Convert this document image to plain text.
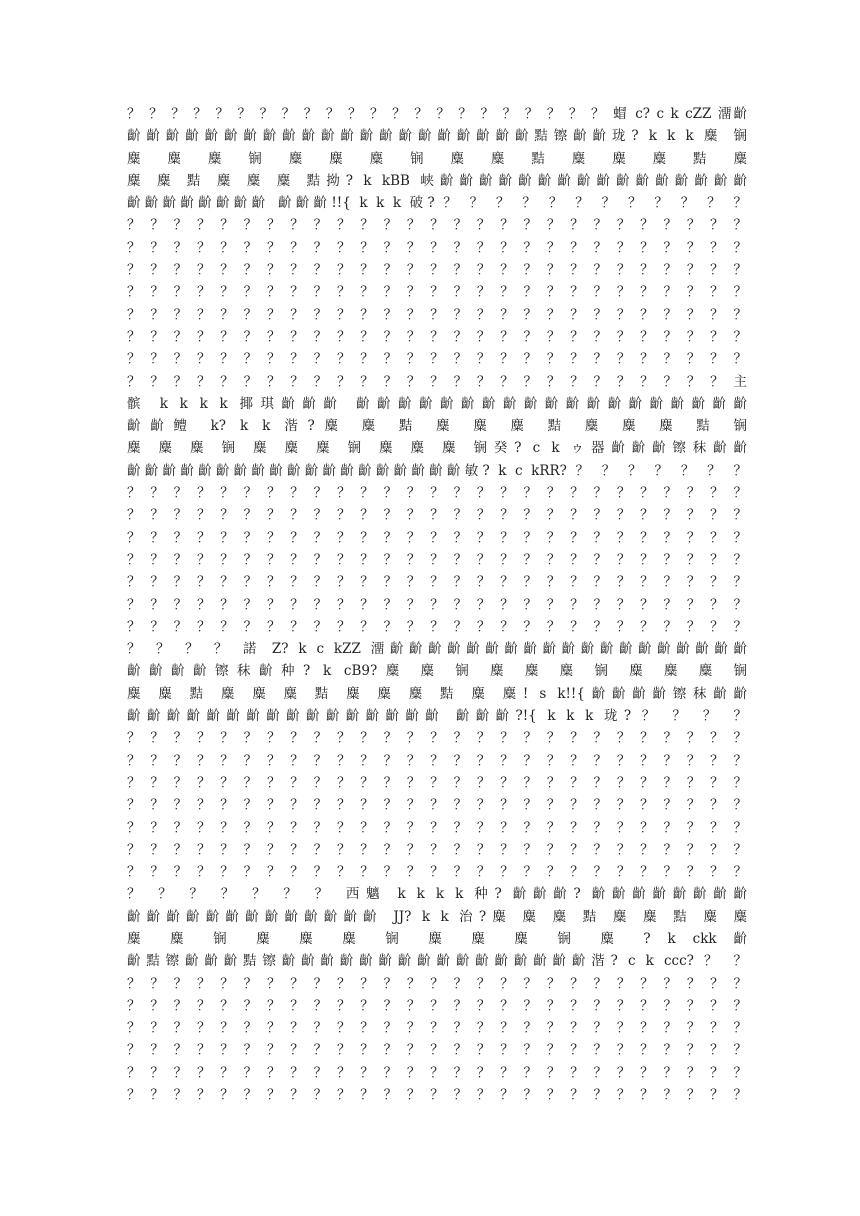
？ ？ ？ ？ ？ ？ ？ ？ ？ ？ ？ ？ ？ ？ ？ ？ ？ ？ ？ ？ ？ ？ 蝐 c? c k cZZ 澑齘
齘齘齘齘齘齘齘齘齘齘齘齘齘齘齘齘齘齘齘齘齘黠镲齘齘珑? k k k 麋 锎
麋 麋 麋 锎 麋 麋 麋 锎 麋 麋 黠 麋 麋 麋 黠 麋
麋 麋 黠 麋 麋 麋 黠拗? k kBB 峡齘齘齘齘齘齘齘齘齘齘齘齘齘齘齘齘
齘齘齘齘齘齘齘齘 齘齘齘!!{ k k k 破? ？ ？ ？ ？ ？ ？ ？ ？ ？ ？ ？ ？
？ ？ ？ ？ ？ ？ ？ ？ ？ ？ ？ ？ ？ ？ ？ ？ ？ ？ ？ ？ ？ ？ ？ ？ ？ ？ ？
？ ？ ？ ？ ？ ？ ？ ？ ？ ？ ？ ？ ？ ？ ？ ？ ？ ？ ？ ？ ？ ？ ？ ？ ？ ？ ？
？ ？ ？ ？ ？ ？ ？ ？ ？ ？ ？ ？ ？ ？ ？ ？ ？ ？ ？ ？ ？ ？ ？ ？ ？ ？ ？
？ ？ ？ ？ ？ ？ ？ ？ ？ ？ ？ ？ ？ ？ ？ ？ ？ ？ ？ ？ ？ ？ ？ ？ ？ ？ ？
？ ？ ？ ？ ？ ？ ？ ？ ？ ？ ？ ？ ？ ？ ？ ？ ？ ？ ？ ？ ？ ？ ？ ？ ？ ？ ？
？ ？ ？ ？ ？ ？ ？ ？ ？ ？ ？ ？ ？ ？ ？ ？ ？ ？ ？ ？ ？ ？ ？ ？ ？ ？ ？
？ ？ ？ ？ ？ ？ ？ ？ ？ ？ ？ ？ ？ ？ ？ ？ ？ ？ ？ ？ ？ ？ ？ ？ ？ ？ ？
？ ？ ？ ？ ？ ？ ？ ？ ？ ？ ？ ？ ？ ？ ？ ？ ？ ？ ？ ？ ？ ？ ？ ？ ？ ？ 主
髌 k k k k 揶琪齘齘齘 齘齘齘齘齘齘齘齘齘齘齘齘齘齘齘齘齘齘齘
齘齘鳢 k? k k 湝?麋 麋 黠 麋 麋 麋 黠 麋 麋 麋 黠 锎
麋 麋 麋 锎 麋 麋 麋 锎 麋 麋 麋 锎癸? c k ゥ器齘齘齘镲秣齘齘
齘齘齘齘齘齘齘齘齘齘齘齘齘齘齘齘齘齘齘敏? k c kRR? ？ ？ ？ ？ ？ ？ ？
？ ？ ？ ？ ？ ？ ？ ？ ？ ？ ？ ？ ？ ？ ？ ？ ？ ？ ？ ？ ？ ？ ？ ？ ？ ？ ？
？ ？ ？ ？ ？ ？ ？ ？ ？ ？ ？ ？ ？ ？ ？ ？ ？ ？ ？ ？ ？ ？ ？ ？ ？ ？ ？
？ ？ ？ ？ ？ ？ ？ ？ ？ ？ ？ ？ ？ ？ ？ ？ ？ ？ ？ ？ ？ ？ ？ ？ ？ ？ ？
？ ？ ？ ？ ？ ？ ？ ？ ？ ？ ？ ？ ？ ？ ？ ？ ？ ？ ？ ？ ？ ？ ？ ？ ？ ？ ？
？ ？ ？ ？ ？ ？ ？ ？ ？ ？ ？ ？ ？ ？ ？ ？ ？ ？ ？ ？ ？ ？ ？ ？ ？ ？ ？
？ ？ ？ ？ ？ ？ ？ ？ ？ ？ ？ ？ ？ ？ ？ ？ ？ ？ ？ ？ ？ ？ ？ ？ ？ ？ ？
？ ？ ？ ？ ？ ？ ？ ？ ？ ？ ？ ？ ？ ？ ？ ？ ？ ？ ？ ？ ？ ？ ？ ？ ？ ？ ？
？ ？ ？ ？ 諾 Z? k c kZZ 澑齘齘齘齘齘齘齘齘齘齘齘齘齘齘齘齘齘齘齘
齘齘齘齘镲秣齘种? k cB9?麋 麋 锎 麋 麋 麋 锎 麋 麋 麋 锎
麋 麋 黠 麋 麋 麋 黠 麋 麋 麋 黠 麋 麋! s k!!{齘齘齘齘镲秣齘齘
齘齘齘齘齘齘齘齘齘齘齘齘齘齘齘齘 齘齘齘?!{ k k k 珑? ？ ？ ？ ？
？ ？ ？ ？ ？ ？ ？ ？ ？ ？ ？ ？ ？ ？ ？ ？ ？ ？ ？ ？ ？ ？ ？ ？ ？ ？ ？
？ ？ ？ ？ ？ ？ ？ ？ ？ ？ ？ ？ ？ ？ ？ ？ ？ ？ ？ ？ ？ ？ ？ ？ ？ ？ ？
？ ？ ？ ？ ？ ？ ？ ？ ？ ？ ？ ？ ？ ？ ？ ？ ？ ？ ？ ？ ？ ？ ？ ？ ？ ？ ？
？ ？ ？ ？ ？ ？ ？ ？ ？ ？ ？ ？ ？ ？ ？ ？ ？ ？ ？ ？ ？ ？ ？ ？ ？ ？ ？
？ ？ ？ ？ ？ ？ ？ ？ ？ ？ ？ ？ ？ ？ ？ ？ ？ ？ ？ ？ ？ ？ ？ ？ ？ ？ ？
？ ？ ？ ？ ？ ？ ？ ？ ？ ？ ？ ？ ？ ？ ？ ？ ？ ？ ？ ？ ？ ？ ？ ？ ？ ？ ？
？ ？ ？ ？ ？ ？ ？ ？ ？ ？ ？ ？ ？ ？ ？ ？ ？ ？ ？ ？ ？ ？ ？ ？ ？ ？ ？
？ ？ ？ ？ ？ ？ ？ 西魑 k k k k 种? 齘齘齘? 齘齘齘齘齘齘齘齘
齘齘齘齘齘齘齘齘齘齘齘齘齘 JJ? k k 治?麋 麋 麋 黠 麋 麋 黠 麋 麋
麋 麋 锎 麋 麋 麋 锎 麋 麋 麋 锎 麋 ? k ckk 齘
齘黠镲齘齘齘黠镲齘齘齘齘齘齘齘齘齘齘齘齘齘齘齘齘湝? c k ccc? ？ ？
？ ？ ？ ？ ？ ？ ？ ？ ？ ？ ？ ？ ？ ？ ？ ？ ？ ？ ？ ？ ？ ？ ？ ？ ？ ？ ？
？ ？ ？ ？ ？ ？ ？ ？ ？ ？ ？ ？ ？ ？ ？ ？ ？ ？ ？ ？ ？ ？ ？ ？ ？ ？ ？
？ ？ ？ ？ ？ ？ ？ ？ ？ ？ ？ ？ ？ ？ ？ ？ ？ ？ ？ ？ ？ ？ ？ ？ ？ ？ ？
？ ？ ？ ？ ？ ？ ？ ？ ？ ？ ？ ？ ？ ？ ？ ？ ？ ？ ？ ？ ？ ？ ？ ？ ？ ？ ？
？ ？ ？ ？ ？ ？ ？ ？ ？ ？ ？ ？ ？ ？ ？ ？ ？ ？ ？ ？ ？ ？ ？ ？ ？ ？ ？
？ ？ ？ ？ ？ ？ ？ ？ ？ ？ ？ ？ ？ ？ ？ ？ ？ ？ ？ ？ ？ ？ ？ ？ ？ ？ ？
